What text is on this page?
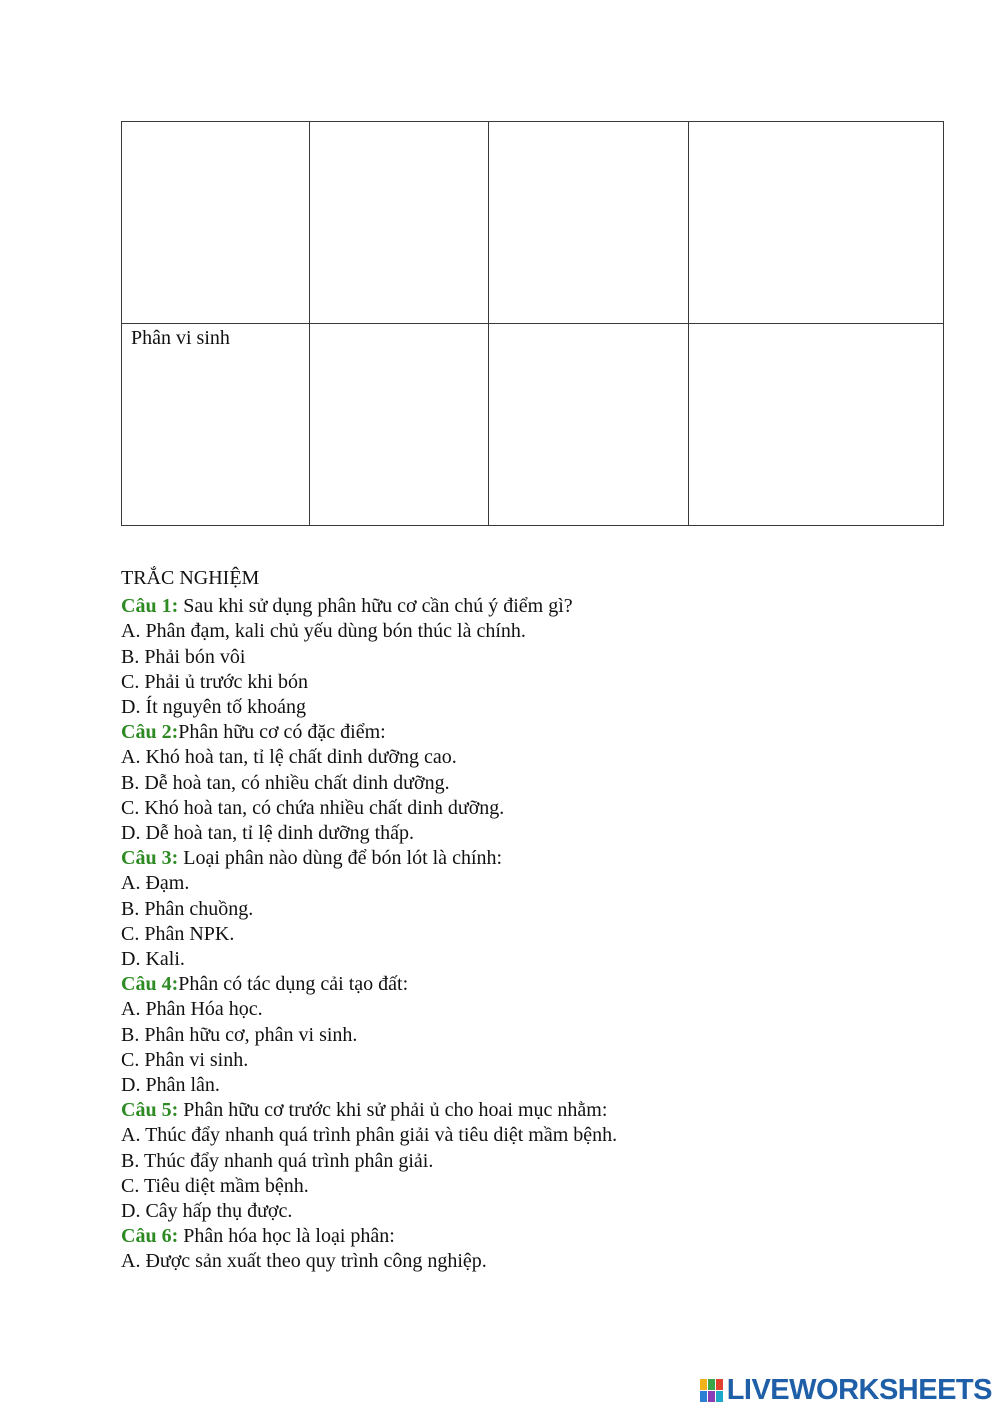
Phân vi sinh			

TRẮC NGHIỆM

Câu 1: Sau khi sử dụng phân hữu cơ cần chú ý điểm gì?

A. Phân đạm, kali chủ yếu dùng bón thúc là chính.

B. Phải bón vôi

C. Phải ủ trước khi bón

D. Ít nguyên tố khoáng

Câu 2:Phân hữu cơ có đặc điểm:

A. Khó hoà tan, tỉ lệ chất dinh dưỡng cao.

B. Dễ hoà tan, có nhiều chất dinh dưỡng.

C. Khó hoà tan, có chứa nhiều chất dinh dưỡng.

D. Dễ hoà tan, tỉ lệ dinh dưỡng thấp.

Câu 3: Loại phân nào dùng để bón lót là chính:

A. Đạm.

B. Phân chuồng.

C. Phân NPK.

D. Kali.

Câu 4:Phân có tác dụng cải tạo đất:

A. Phân Hóa học.

B. Phân hữu cơ, phân vi sinh.

C. Phân vi sinh.

D. Phân lân.

Câu 5: Phân hữu cơ trước khi sử phải ủ cho hoai mục nhằm:

A. Thúc đẩy nhanh quá trình phân giải và tiêu diệt mầm bệnh.

B. Thúc đẩy nhanh quá trình phân giải.

C. Tiêu diệt mầm bệnh.

D. Cây hấp thụ được.

Câu 6: Phân hóa học là loại phân:

A. Được sản xuất theo quy trình công nghiệp.

LIVEWORKSHEETS
